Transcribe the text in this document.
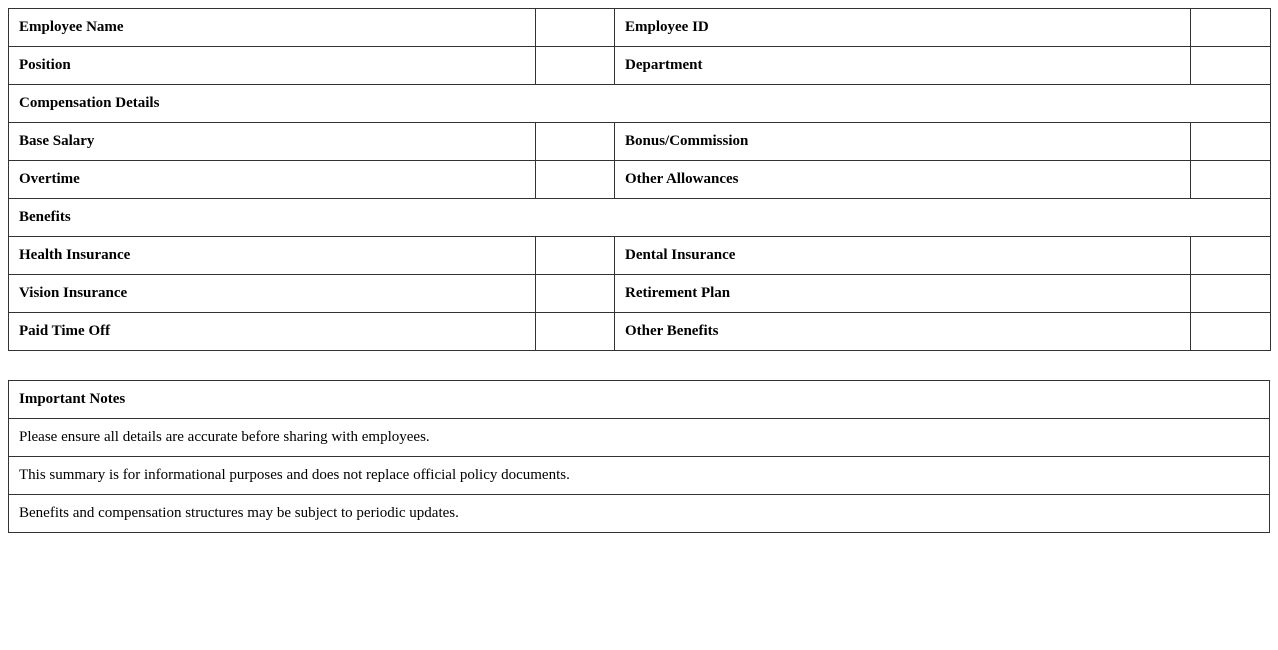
Employee Name		Employee ID	
Position		Department	
Compensation Details			
Base Salary		Bonus/Commission	
Overtime		Other Allowances	
Benefits			
Health Insurance		Dental Insurance	
Vision Insurance		Retirement Plan	
Paid Time Off		Other Benefits	
Important Notes
Please ensure all details are accurate before sharing with employees.
This summary is for informational purposes and does not replace official policy documents.
Benefits and compensation structures may be subject to periodic updates.
